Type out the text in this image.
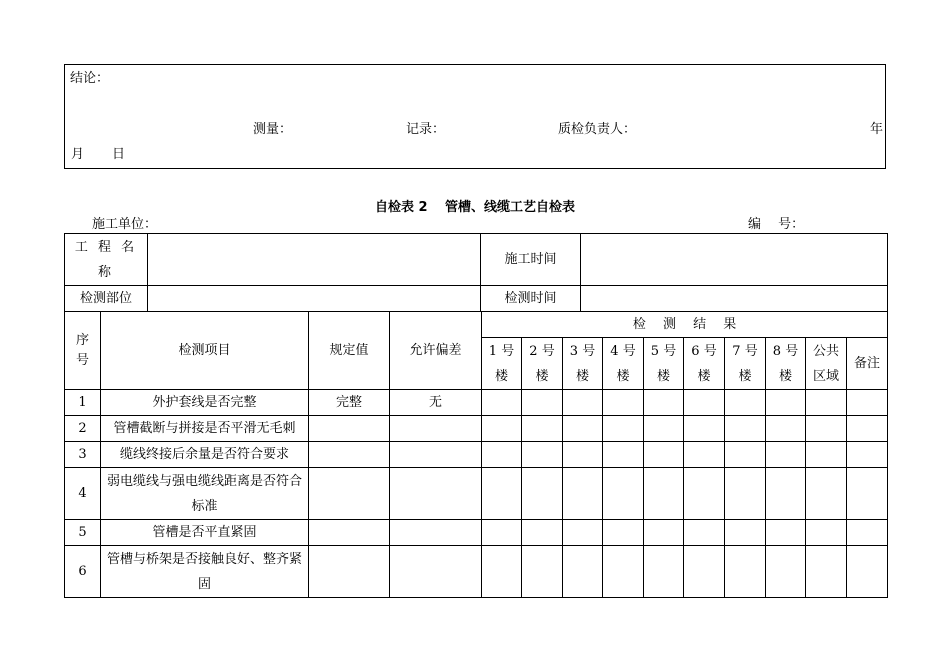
结论：
测量：	记录：	质检负责人：	年
月 日
自检表 2　 管槽、线缆工艺自检表
施工单位：	编　 号：
工 程 名 称		施工时间	
检测部位		检测时间	
序号	检测项目	规定值	允许偏差	检　 测　 结　 果									
				1 号楼	2 号楼	3 号楼	4 号楼	5 号楼	6 号楼	7 号楼	8 号楼	公共区域	备注
1	外护套线是否完整	完整	无										
2	管槽截断与拼接是否平滑无毛刺												
3	缆线终接后余量是否符合要求												
4	弱电缆线与强电缆线距离是否符合标准												
5	管槽是否平直紧固												
6	管槽与桥架是否接触良好、整齐紧固												
